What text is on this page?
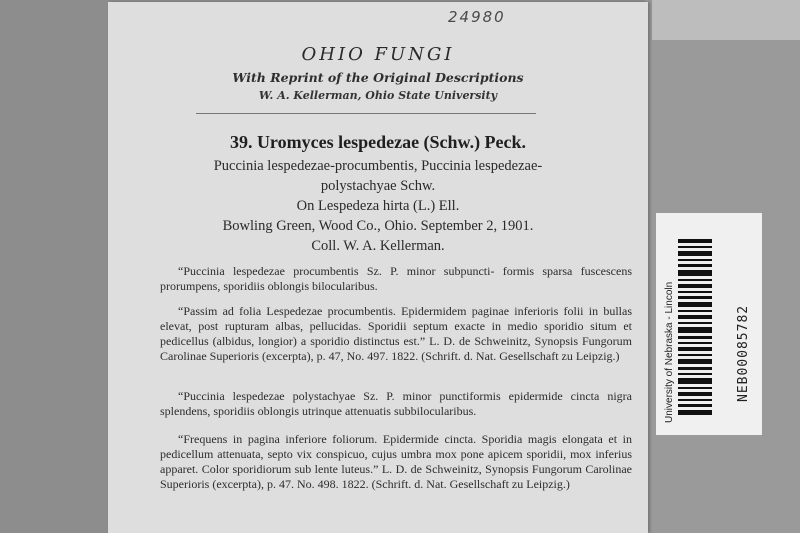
24980
OHIO FUNGI
With Reprint of the Original Descriptions
W. A. Kellerman, Ohio State University
39. Uromyces lespedezae (Schw.) Peck.
Puccinia lespedezae-procumbentis, Puccinia lespedezae-
polystachyae Schw.
On Lespedeza hirta (L.) Ell.
Bowling Green, Wood Co., Ohio. September 2, 1901.
Coll. W. A. Kellerman.
“Puccinia lespedezae procumbentis Sz. P. minor subpuncti- formis sparsa fuscescens prorumpens, sporidiis oblongis bilocularibus.
“Passim ad folia Lespedezae procumbentis. Epidermidem paginae inferioris folii in bullas elevat, post rupturam albas, pellucidas. Sporidii septum exacte in medio sporidio situm et pedicellus (albidus, longior) a sporidio distinctus est.” L. D. de Schweinitz, Synopsis Fungorum Carolinae Superioris (excerpta), p. 47, No. 497. 1822. (Schrift. d. Nat. Gesellschaft zu Leipzig.)
“Puccinia lespedezae polystachyae Sz. P. minor punctiformis epidermide cincta nigra splendens, sporidiis oblongis utrinque attenuatis subbilocularibus.
“Frequens in pagina inferiore foliorum. Epidermide cincta. Sporidia magis elongata et in pedicellum attenuata, septo vix conspicuo, cujus umbra mox pone apicem sporidii, mox inferius apparet. Color sporidiorum sub lente luteus.” L. D. de Schweinitz, Synopsis Fungorum Carolinae Superioris (excerpta), p. 47. No. 498. 1822. (Schrift. d. Nat. Gesellschaft zu Leipzig.)
University of Nebraska - Lincoln	NEB00085782
